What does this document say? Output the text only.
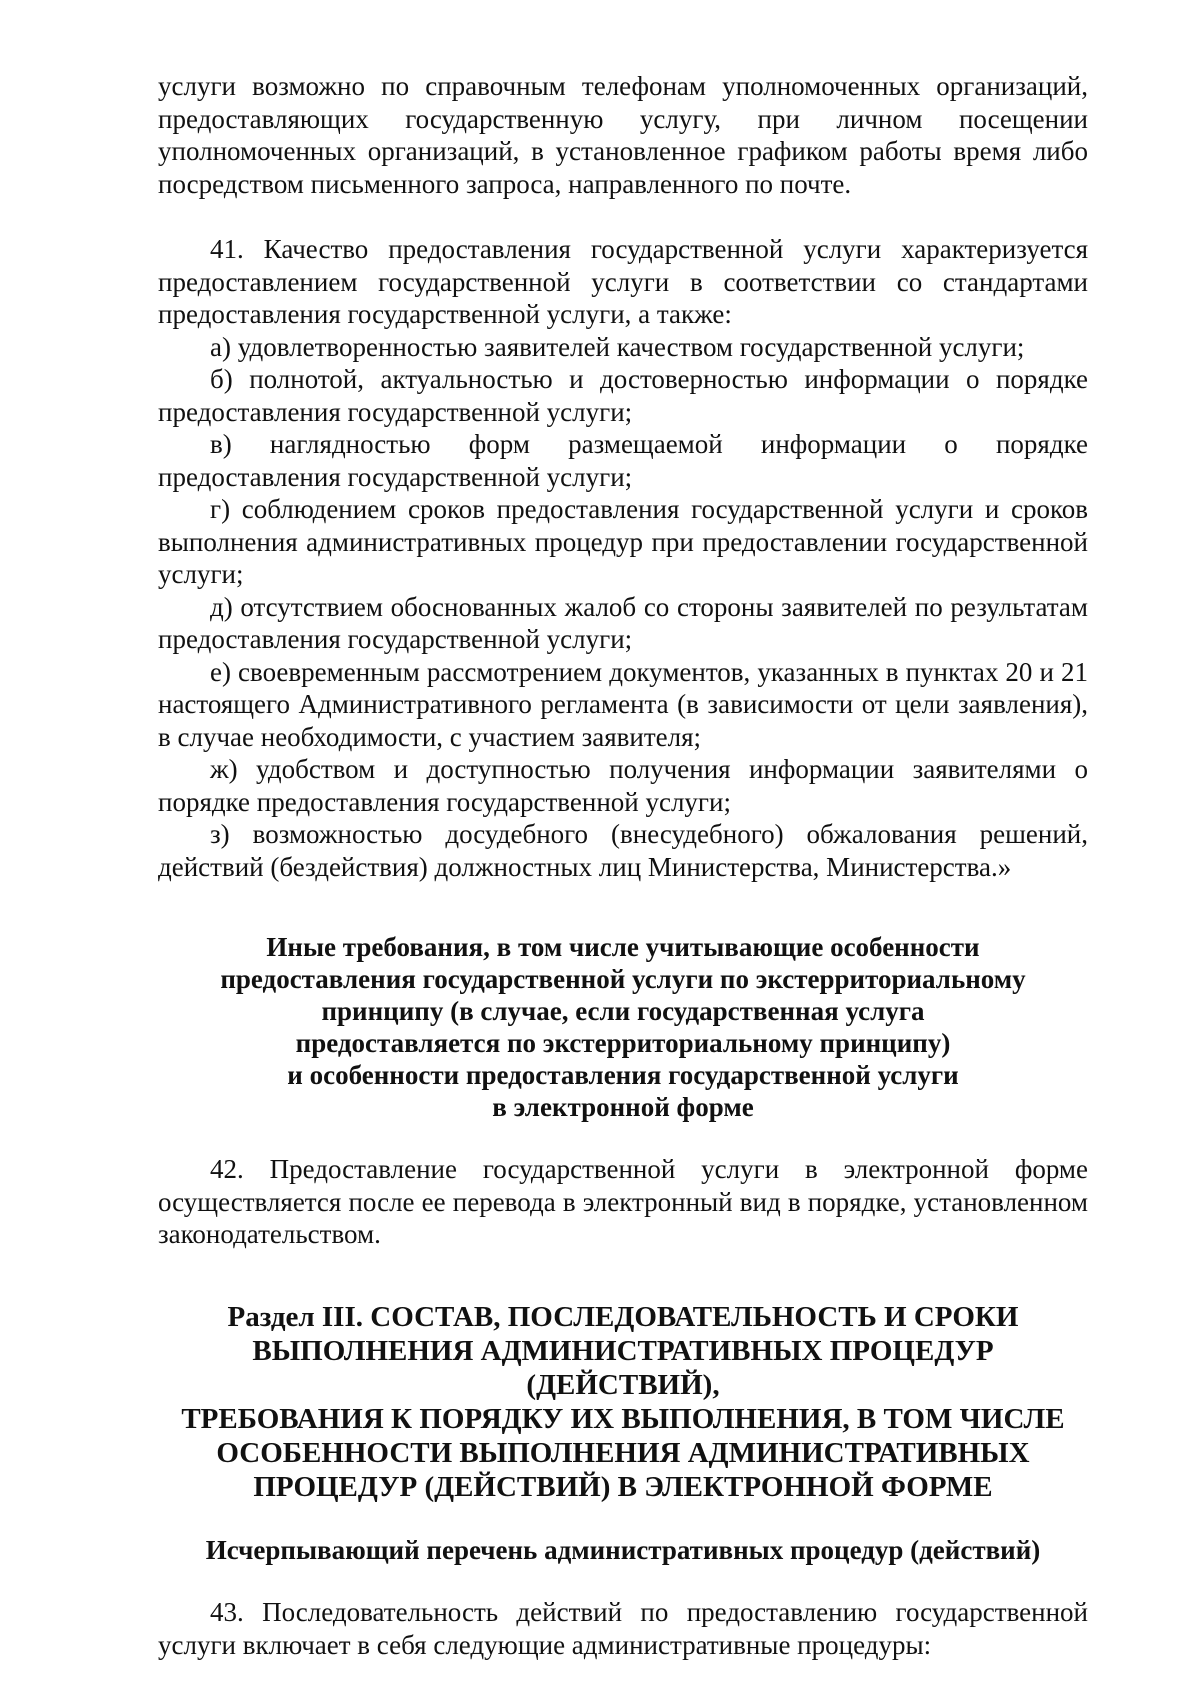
услуги возможно по справочным телефонам уполномоченных организаций, предоставляющих государственную услугу, при личном посещении уполномоченных организаций, в установленное графиком работы время либо посредством письменного запроса, направленного по почте.

41. Качество предоставления государственной услуги характеризуется предоставлением государственной услуги в соответствии со стандартами предоставления государственной услуги, а также:

а) удовлетворенностью заявителей качеством государственной услуги;

б) полнотой, актуальностью и достоверностью информации о порядке предоставления государственной услуги;

в) наглядностью форм размещаемой информации о порядке предоставления государственной услуги;

г) соблюдением сроков предоставления государственной услуги и сроков выполнения административных процедур при предоставлении государственной услуги;

д) отсутствием обоснованных жалоб со стороны заявителей по результатам предоставления государственной услуги;

е) своевременным рассмотрением документов, указанных в пунктах 20 и 21 настоящего Административного регламента (в зависимости от цели заявления), в случае необходимости, с участием заявителя;

ж) удобством и доступностью получения информации заявителями о порядке предоставления государственной услуги;

з) возможностью досудебного (внесудебного) обжалования решений, действий (бездействия) должностных лиц Министерства, Министерства.»

Иные требования, в том числе учитывающие особенности
предоставления государственной услуги по экстерриториальному
принципу (в случае, если государственная услуга
предоставляется по экстерриториальному принципу)
и особенности предоставления государственной услуги
в электронной форме

42. Предоставление государственной услуги в электронной форме осуществляется после ее перевода в электронный вид в порядке, установленном законодательством.

Раздел III. СОСТАВ, ПОСЛЕДОВАТЕЛЬНОСТЬ И СРОКИ
ВЫПОЛНЕНИЯ АДМИНИСТРАТИВНЫХ ПРОЦЕДУР (ДЕЙСТВИЙ),
ТРЕБОВАНИЯ К ПОРЯДКУ ИХ ВЫПОЛНЕНИЯ, В ТОМ ЧИСЛЕ
ОСОБЕННОСТИ ВЫПОЛНЕНИЯ АДМИНИСТРАТИВНЫХ
ПРОЦЕДУР (ДЕЙСТВИЙ) В ЭЛЕКТРОННОЙ ФОРМЕ

Исчерпывающий перечень административных процедур (действий)

43. Последовательность действий по предоставлению государственной услуги включает в себя следующие административные процедуры:
